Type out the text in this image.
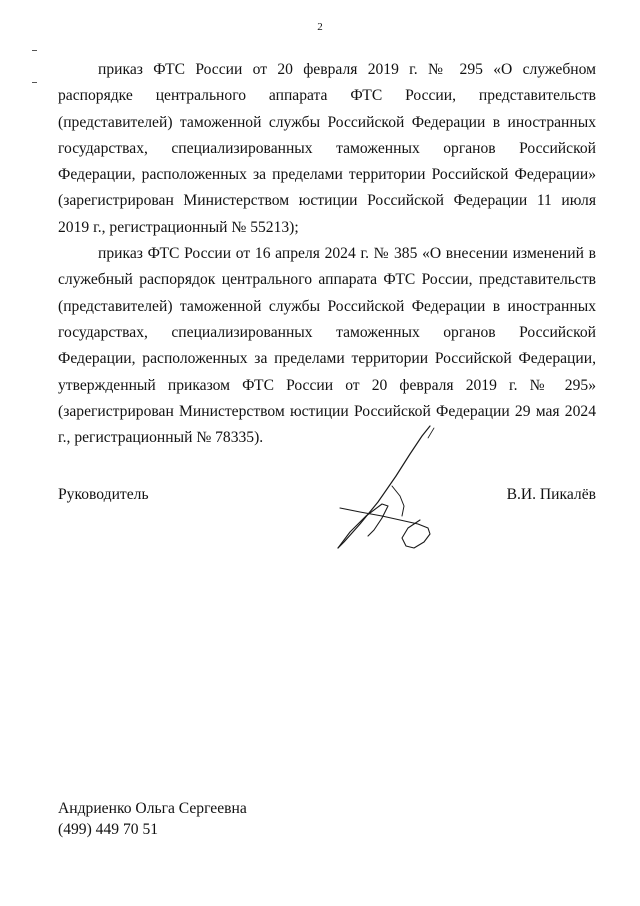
2

приказ ФТС России от 20 февраля 2019 г. № 295 «О служебном распорядке центрального аппарата ФТС России, представительств (представителей) таможенной службы Российской Федерации в иностранных государствах, специализированных таможенных органов Российской Федерации, расположенных за пределами территории Российской Федерации» (зарегистрирован Министерством юстиции Российской Федерации 11 июля 2019 г., регистрационный № 55213);

приказ ФТС России от 16 апреля 2024 г. № 385 «О внесении изменений в служебный распорядок центрального аппарата ФТС России, представительств (представителей) таможенной службы Российской Федерации в иностранных государствах, специализированных таможенных органов Российской Федерации, расположенных за пределами территории Российской Федерации, утвержденный приказом ФТС России от 20 февраля 2019 г. № 295» (зарегистрирован Министерством юстиции Российской Федерации 29 мая 2024 г., регистрационный № 78335).

Руководитель	В.И. Пикалёв
Андриенко Ольга Сергеевна
(499) 449 70 51
